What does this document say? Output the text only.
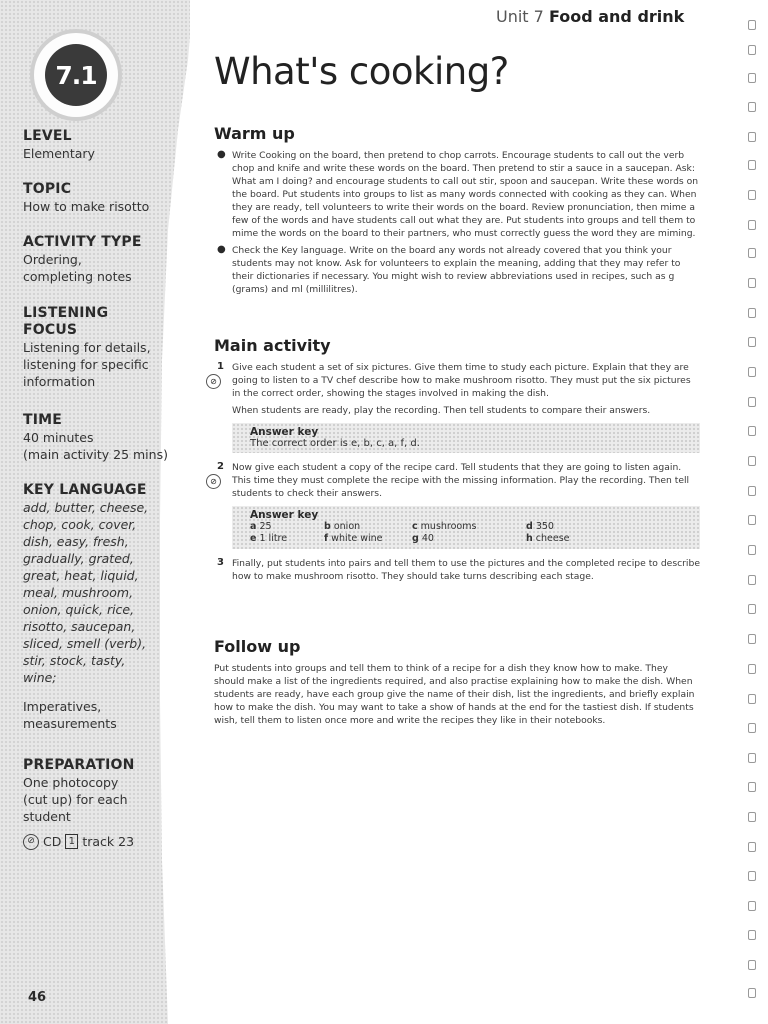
7.1
LEVEL
Elementary
TOPIC
How to make risotto
ACTIVITY TYPE
Ordering, completing notes
LISTENING FOCUS
Listening for details, listening for specific information
TIME
40 minutes
(main activity 25 mins)
KEY LANGUAGE
add, butter, cheese, chop, cook, cover, dish, easy, fresh, gradually, grated, great, heat, liquid, meal, mushroom, onion, quick, rice, risotto, saucepan, sliced, smell (verb), stir, stock, tasty, wine;
Imperatives, measurements
PREPARATION
One photocopy (cut up) for each student
⊘ CD 1 track 23
46
Unit 7 Food and drink
What's cooking?
Warm up
● Write Cooking on the board, then pretend to chop carrots. Encourage students to call out the verb chop and knife and write these words on the board. Then pretend to stir a sauce in a saucepan. Ask: What am I doing? and encourage students to call out stir, spoon and saucepan. Write these words on the board. Put students into groups to list as many words connected with cooking as they can. When they are ready, tell volunteers to write their words on the board. Review pronunciation, then mime a few of the words and have students call out what they are. Put students into groups and tell them to mime the words on the board to their partners, who must correctly guess the word they are miming.

● Check the Key language. Write on the board any words not already covered that you think your students may not know. Ask for volunteers to explain the meaning, adding that they may refer to their dictionaries if necessary. You might wish to review abbreviations used in recipes, such as g (grams) and ml (millilitres).

Main activity
1
⊘

Give each student a set of six pictures. Give them time to study each picture. Explain that they are going to listen to a TV chef describe how to make mushroom risotto. They must put the six pictures in the correct order, showing the stages involved in making the dish.

When students are ready, play the recording. Then tell students to compare their answers.

Answer key
The correct order is e, b, c, a, f, d.
2
⊘

Now give each student a copy of the recipe card. Tell students that they are going to listen again. This time they must complete the recipe with the missing information. Play the recording. Then tell students to check their answers.

Answer key
a 25	b onion	c mushrooms	d 350
e 1 litre	f white wine	g 40	h cheese
3 Finally, put students into pairs and tell them to use the pictures and the completed recipe to describe how to make mushroom risotto. They should take turns describing each stage.

Follow up

Put students into groups and tell them to think of a recipe for a dish they know how to make. They should make a list of the ingredients required, and also practise explaining how to make the dish. When students are ready, have each group give the name of their dish, list the ingredients, and briefly explain how to make the dish. You may want to take a show of hands at the end for the tastiest dish. If students wish, tell them to listen once more and write the recipes they like in their notebooks.
